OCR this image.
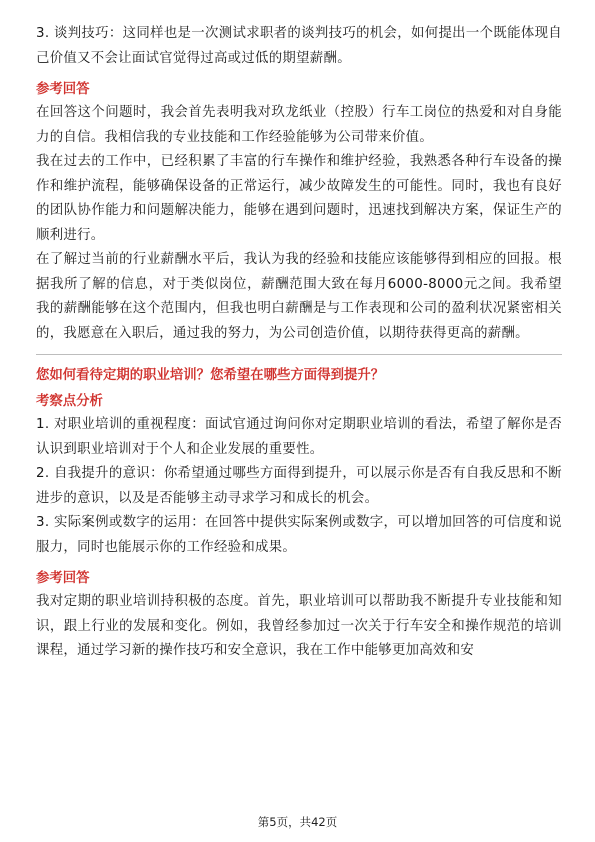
3. 谈判技巧：这同样也是一次测试求职者的谈判技巧的机会，如何提出一个既能体现自己价值又不会让面试官觉得过高或过低的期望薪酬。

参考回答

在回答这个问题时，我会首先表明我对玖龙纸业（控股）行车工岗位的热爱和对自身能力的自信。我相信我的专业技能和工作经验能够为公司带来价值。

我在过去的工作中，已经积累了丰富的行车操作和维护经验，我熟悉各种行车设备的操作和维护流程，能够确保设备的正常运行，减少故障发生的可能性。同时，我也有良好的团队协作能力和问题解决能力，能够在遇到问题时，迅速找到解决方案，保证生产的顺利进行。

在了解过当前的行业薪酬水平后，我认为我的经验和技能应该能够得到相应的回报。根据我所了解的信息，对于类似岗位，薪酬范围大致在每月6000-8000元之间。我希望我的薪酬能够在这个范围内，但我也明白薪酬是与工作表现和公司的盈利状况紧密相关的，我愿意在入职后，通过我的努力，为公司创造价值，以期待获得更高的薪酬。

您如何看待定期的职业培训？您希望在哪些方面得到提升？
考察点分析

1. 对职业培训的重视程度：面试官通过询问你对定期职业培训的看法，希望了解你是否认识到职业培训对于个人和企业发展的重要性。

2. 自我提升的意识：你希望通过哪些方面得到提升，可以展示你是否有自我反思和不断进步的意识，以及是否能够主动寻求学习和成长的机会。

3. 实际案例或数字的运用：在回答中提供实际案例或数字，可以增加回答的可信度和说服力，同时也能展示你的工作经验和成果。

参考回答

我对定期的职业培训持积极的态度。首先，职业培训可以帮助我不断提升专业技能和知识，跟上行业的发展和变化。例如，我曾经参加过一次关于行车安全和操作规范的培训课程，通过学习新的操作技巧和安全意识，我在工作中能够更加高效和安

第5页，共42页
